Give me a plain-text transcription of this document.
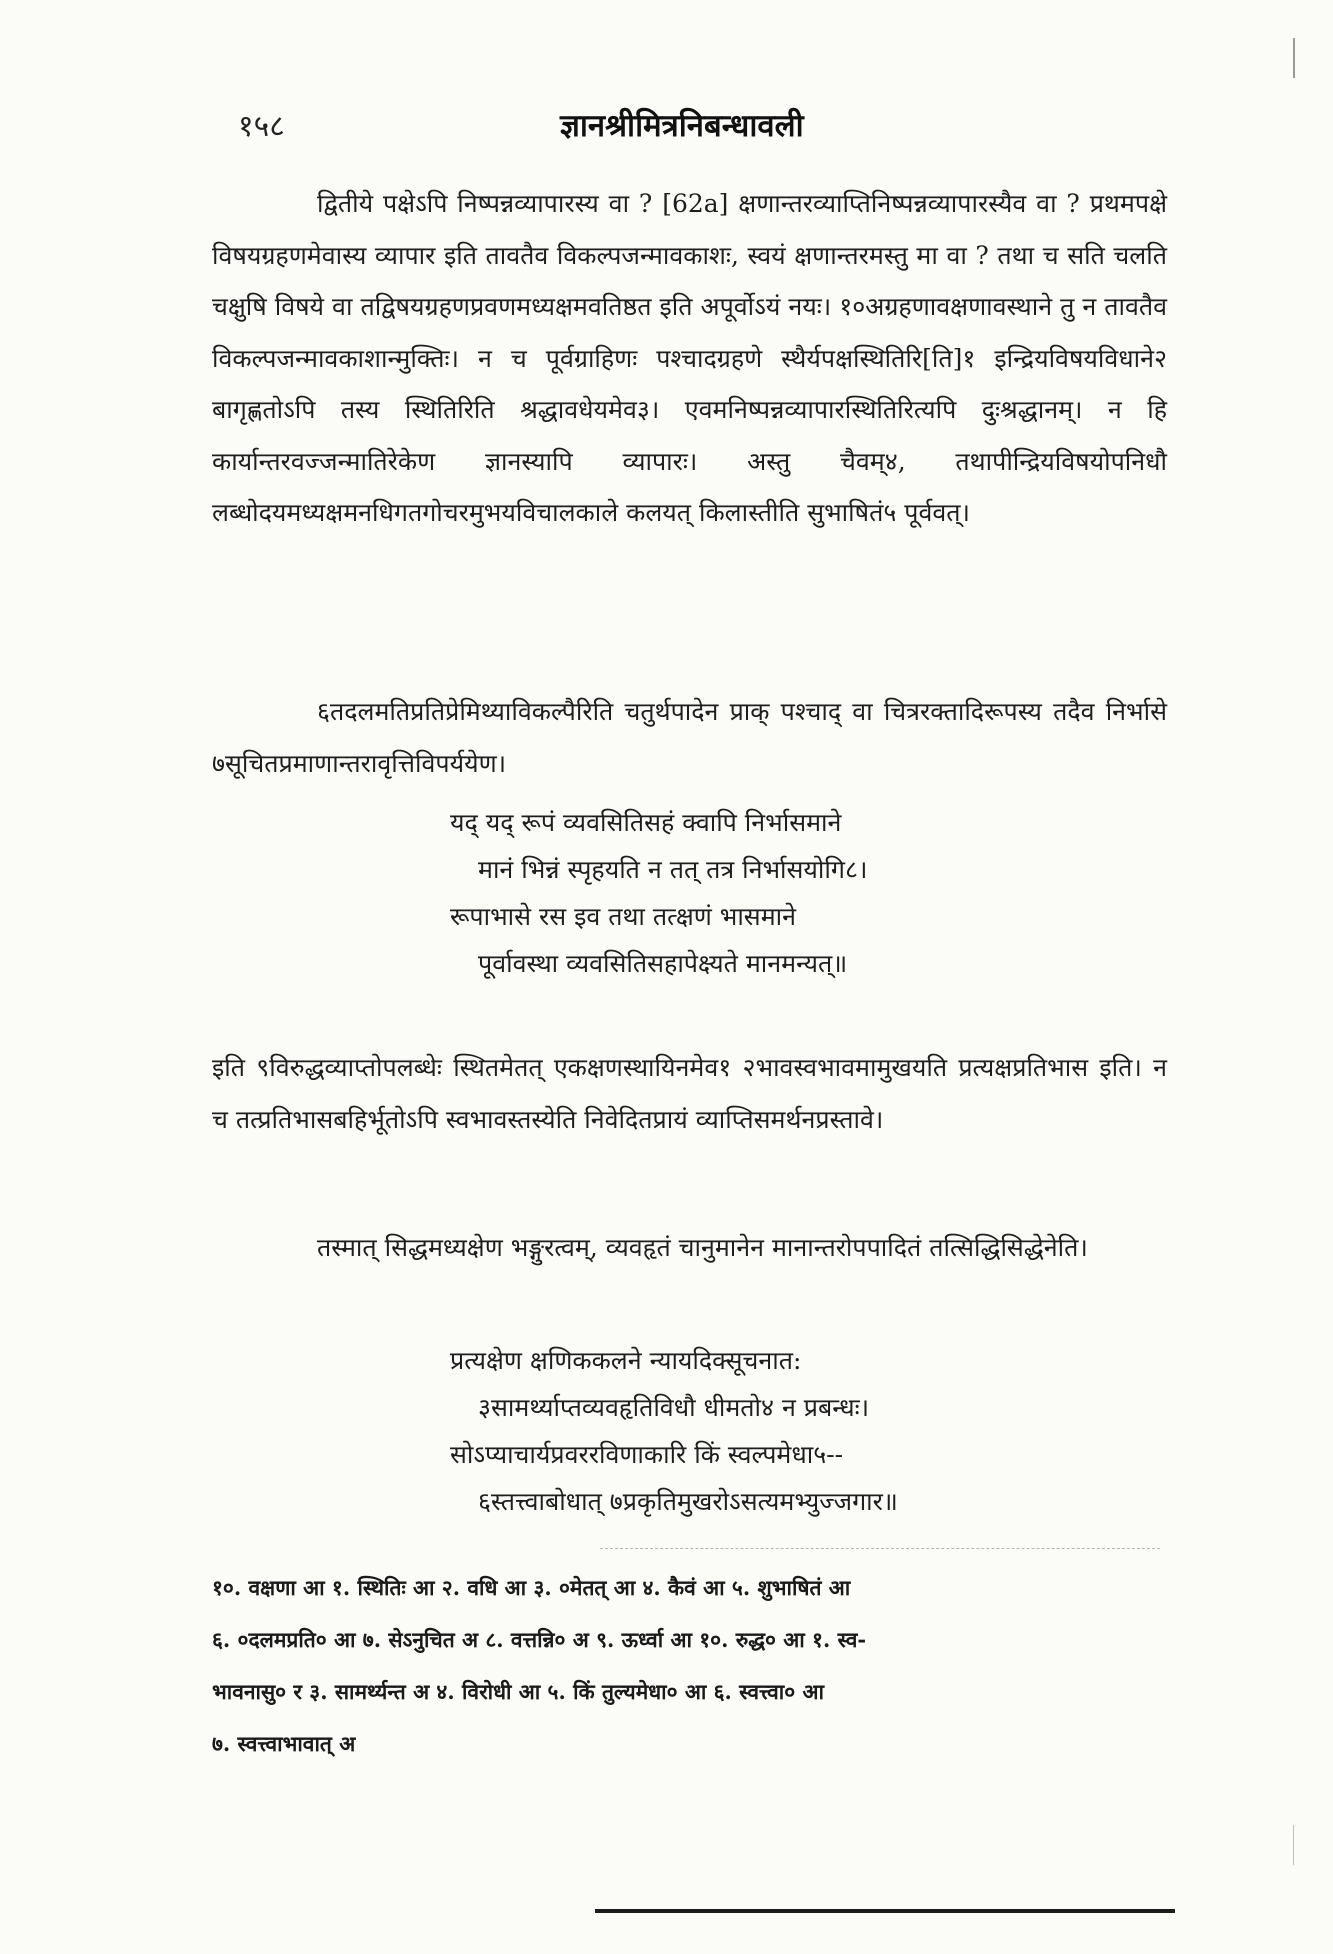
१५८	ज्ञानश्रीमित्रनिबन्धावली

द्वितीये पक्षेऽपि निष्पन्नव्यापारस्य वा ? [62a] क्षणान्तरव्याप्तिनिष्पन्नव्यापारस्यैव वा ? प्रथमपक्षे विषयग्रहणमेवास्य व्यापार इति तावतैव विकल्पजन्मावकाशः, स्वयं क्षणान्तरमस्तु मा वा ? तथा च सति चलति चक्षुषि विषये वा तद्विषयग्रहणप्रवणमध्यक्षमवतिष्ठत इति अपूर्वोऽयं नयः। १०अग्रहणावक्षणावस्थाने तु न तावतैव विकल्पजन्मावकाशान्मुक्तिः। न च पूर्वग्राहिणः पश्चादग्रहणे स्थैर्यपक्षस्थितिरि[ति]१ इन्द्रियविषयविधाने२ बागृह्णतोऽपि तस्य स्थितिरिति श्रद्धावधेयमेव३। एवमनिष्पन्नव्यापारस्थितिरित्यपि दुःश्रद्धानम्। न हि कार्यान्तरवज्जन्मातिरेकेण ज्ञानस्यापि व्यापारः। अस्तु चैवम्४, तथापीन्द्रियविषयोपनिधौ लब्धोदयमध्यक्षमनधिगतगोचरमुभयविचालकाले कलयत् किलास्तीति सुभाषितं५ पूर्ववत्।

६तदलमतिप्रतिप्रेमिथ्याविकल्पैरिति चतुर्थपादेन प्राक् पश्चाद् वा चित्ररक्तादिरूपस्य तदैव निर्भासे ७सूचितप्रमाणान्तरावृत्तिविपर्ययेण।

यद् यद् रूपं व्यवसितिसहं क्वापि निर्भासमाने
मानं भिन्नं स्पृहयति न तत् तत्र निर्भासयोगि८।
रूपाभासे रस इव तथा तत्क्षणं भासमाने
पूर्वावस्था व्यवसितिसहापेक्ष्यते मानमन्यत्॥

इति ९विरुद्धव्याप्तोपलब्धेः स्थितमेतत् एकक्षणस्थायिनमेव१ २भावस्वभावमामुखयति प्रत्यक्षप्रतिभास इति। न च तत्प्रतिभासबहिर्भूतोऽपि स्वभावस्तस्येति निवेदितप्रायं व्याप्तिसमर्थनप्रस्तावे।

तस्मात् सिद्धमध्यक्षेण भङ्गुरत्वम्, व्यवहृतं चानुमानेन मानान्तरोपपादितं तत्सिद्धिसिद्धेनेति।

प्रत्यक्षेण क्षणिककलने न्यायदिक्सूचनात:
३सामर्थ्याप्तव्यवहृतिविधौ धीमतो४ न प्रबन्धः।
सोऽप्याचार्यप्रवररविणाकारि किं स्वल्पमेधा५--
६स्तत्त्वाबोधात् ७प्रकृतिमुखरोऽसत्यमभ्युज्जगार॥
१०. वक्षणा आ १. स्थितिः आ २. वधि आ ३. ०मेतत् आ ४. कैवं आ ५. शुभाषितं आ
६. ०दलमप्रति० आ ७. सेऽनुचित अ ८. वत्तन्नि० अ ९. ऊर्ध्वा आ १०. रुद्ध० आ १. स्व-
भावनासु० र ३. सामर्थ्यन्त अ ४. विरोधी आ ५. किं तुल्यमेधा० आ ६. स्वत्त्वा० आ
७. स्वत्त्वाभावात् अ
